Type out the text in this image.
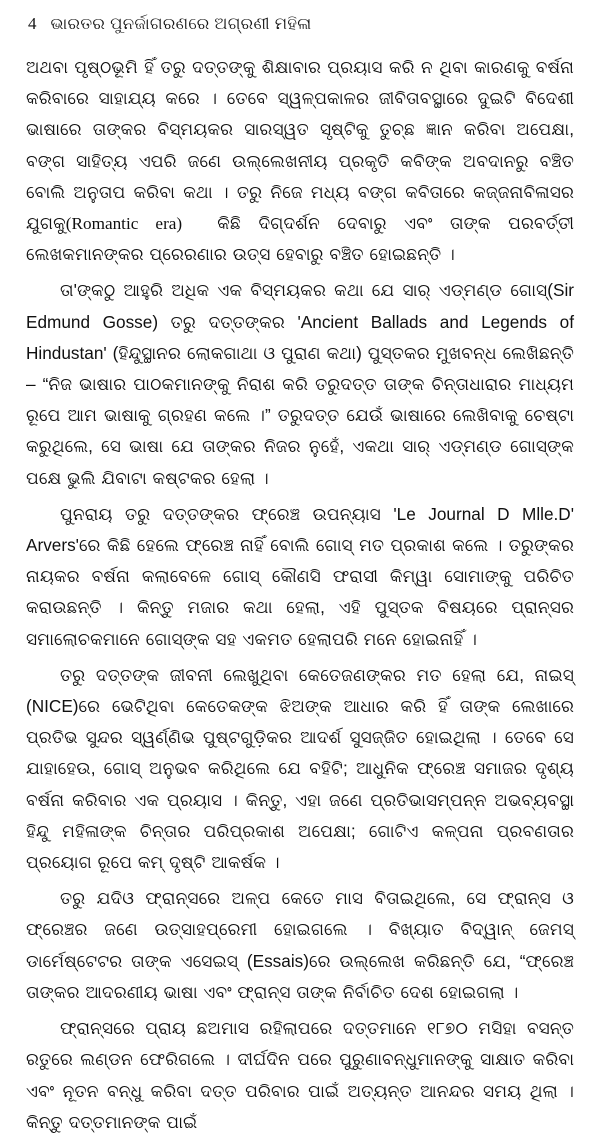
4 ଭାରତର ପୁନର୍ଜାଗରଣରେ ଅଗ୍ରଣୀ ମହିଳା

ଅଥବା ପୃଷ୍ଠଭୂମି ହିଁ ତରୁ ଦତ୍ତଙ୍କୁ ଶିକ୍ଷାବାର ପ୍ରୟାସ କରି ନ ଥିବା କାରଣକୁ ବର୍ଷନା କରିବାରେ ସାହାଯ୍ୟ କରେ । ତେବେ ସ୍ୱଳ୍ପକାଳର ଜୀବିତାବସ୍ଥାରେ ଦୁଇଟି ବିଦେଶୀ ଭାଷାରେ ତାଙ୍କର ବିସ୍ମୟକର ସାରସ୍ୱତ ସୃଷ୍ଟିକୁ ତୁଚ୍ଛ ଜ୍ଞାନ କରିବା ଅପେକ୍ଷା, ବଙ୍ଗ ସାହିତ୍ୟ ଏପରି ଜଣେ ଉଲ୍ଲେଖନୀୟ ପ୍ରକୃତି କବିଙ୍କ ଅବଦାନରୁ ବଞ୍ଚିତ ବୋଲି ଅନୁତାପ କରିବା କଥା । ତରୁ ନିଜେ ମଧ୍ୟ ବଙ୍ଗ କବିତାରେ କଜ୍ଜନାବିଳାସର ଯୁଗକୁ(Romantic era) କିଛି ଦିଗ୍‌ଦର୍ଶନ ଦେବାରୁ ଏବଂ ତାଙ୍କ ପରବର୍ତ୍ତୀ ଲେଖକମାନଙ୍କର ପ୍ରେରଣାର ଉତ୍ସ ହେବାରୁ ବଞ୍ଚିତ ହୋଇଛନ୍ତି ।

ତା'ଙ୍କଠୁ ଆହୁରି ଅଧିକ ଏକ ବିସ୍ମୟକର କଥା ଯେ ସାର୍ ଏଡ୍‌ମଣ୍ଡ ଗୋସ୍‌(Sir Edmund Gosse) ତରୁ ଦତ୍ତଙ୍କର 'Ancient Ballads and Legends of Hindustan' (ହିନ୍ଦୁସ୍ଥାନର ଲୋକଗାଥା ଓ ପୁରାଣ କଥା) ପୁସ୍ତକର ମୁଖବନ୍ଧ ଲେଖିଛନ୍ତି – “ନିଜ ଭାଷାର ପାଠକମାନଙ୍କୁ ନିରାଶ କରି ତରୁଦତ୍ତ ତାଙ୍କ ଚିନ୍ତାଧାରାର ମାଧ୍ୟମ ରୂପେ ଆମ ଭାଷାକୁ ଗ୍ରହଣ କଲେ ।” ତରୁଦତ୍ତ ଯେଉଁ ଭାଷାରେ ଲେଖିବାକୁ ଚେଷ୍ଟା କରୁଥିଲେ, ସେ ଭାଷା ଯେ ତାଙ୍କର ନିଜର ନୁହେଁ, ଏକଥା ସାର୍ ଏଡ୍‌ମଣ୍ଡ ଗୋସ୍‌ଙ୍କ ପକ୍ଷେ ଭୁଲି ଯିବାଟା କଷ୍ଟକର ହେଲା ।

ପୁନରାୟ ତରୁ ଦତ୍ତଙ୍କର ଫ୍ରେଞ୍ଚ ଉପନ୍ୟାସ 'Le Journal D Mlle.D' Arvers'ରେ କିଛି ହେଲେ ଫ୍ରେଞ୍ଚ ନାହିଁ ବୋଲି ଗୋସ୍‌ ମତ ପ୍ରକାଶ କଲେ । ତରୁଙ୍କର ନାୟକର ବର୍ଷନା କଲାବେଳେ ଗୋସ୍‌ କୌଣସି ଫରାସୀ କିମ୍ୱା ସୋମାଙ୍କୁ ପରିଚିତ କରାଉଛନ୍ତି । କିନ୍ତୁ ମଜାର କଥା ହେଲା, ଏହି ପୁସ୍ତକ ବିଷୟରେ ପ୍ରାନ୍ସର ସମାଲୋଚକମାନେ ଗୋସ୍‌ଙ୍କ ସହ ଏକମତ ହେଲାପରି ମନେ ହୋଇନାହିଁ ।

ତରୁ ଦତ୍ତଙ୍କ ଜୀବନୀ ଲେଖୁଥିବା କେତେଜଣଙ୍କର ମତ ହେଲା ଯେ, ନାଇସ୍‌ (NICE)ରେ ଭେଟିଥିବା କେତେକଙ୍କ ଝିଅଙ୍କ ଆଧାର କରି ହିଁ ତାଙ୍କ ଲେଖାରେ ପ୍ରତିଭ ସୁନ୍ଦର ସ୍ୱର୍ଣ୍ଣିଭ ପୁଷ୍ଟଗୁଡ଼ିକର ଆଦର୍ଶ ସୁସଜ୍ଜିତ ହୋଇଥିଲା । ତେବେ ସେ ଯାହାହେଉ, ଗୋସ୍‌ ଅନୁଭବ କରିଥିଲେ ଯେ ବହିଟି; ଆଧୁନିକ ଫ୍ରେଞ୍ଚ ସମାଜର ଦୃଶ୍ୟ ବର୍ଷନା କରିବାର ଏକ ପ୍ରୟାସ । କିନ୍ତୁ, ଏହା ଜଣେ ପ୍ରତିଭାସମ୍ପନ୍ନ ଅଭବ୍ୟବସ୍ଥା ହିନ୍ଦୁ ମହିଳାଙ୍କ ଚିନ୍ତାର ପରିପ୍ରକାଶ ଅପେକ୍ଷା; ଗୋଟିଏ କଳ୍ପନା ପ୍ରବଣତାର ପ୍ରୟୋଗ ରୂପେ କମ୍ ଦୃଷ୍ଟି ଆକର୍ଷକ ।

ତରୁ ଯଦିଓ ଫ୍ରାନ୍ସରେ ଅଳ୍ପ କେତେ ମାସ ବିତାଇଥିଲେ, ସେ ଫ୍ରାନ୍ସ ଓ ଫ୍ରେଞ୍ଚର ଜଣେ ଉତ୍ସାହପ୍ରେମୀ ହୋଇଗଲେ । ବିଖ୍ୟାତ ବିଦ୍ୱାନ୍ ଜେମସ୍ ଡାର୍ମେଷ୍ଟେଟର ତାଙ୍କ ଏସେଇସ୍ (Essais)ରେ ଉଲ୍ଲେଖ କରିଛନ୍ତି ଯେ, “ଫ୍ରେଞ୍ଚ ତାଙ୍କର ଆଦରଣୀୟ ଭାଷା ଏବଂ ଫ୍ରାନ୍ସ ତାଙ୍କ ନିର୍ବାଚିତ ଦେଶ ହୋଇଗଲା ।

ଫ୍ରାନ୍ସରେ ପ୍ରାୟ ଛଅମାସ ରହିଲାପରେ ଦତ୍ତମାନେ ୧୮୭୦ ମସିହା ବସନ୍ତ ରତୁରେ ଲଣ୍ଡନ ଫେରିଗଲେ । ଦୀର୍ଘଦିନ ପରେ ପୁରୁଣାବନ୍ଧୁମାନଙ୍କୁ ସାକ୍ଷାତ କରିବା ଏବଂ ନୂତନ ବନ୍ଧୁ କରିବା ଦତ୍ତ ପରିବାର ପାଇଁ ଅତ୍ୟନ୍ତ ଆନନ୍ଦର ସମୟ ଥିଲା । କିନ୍ତୁ ଦତ୍ତମାନଙ୍କ ପାଇଁ
